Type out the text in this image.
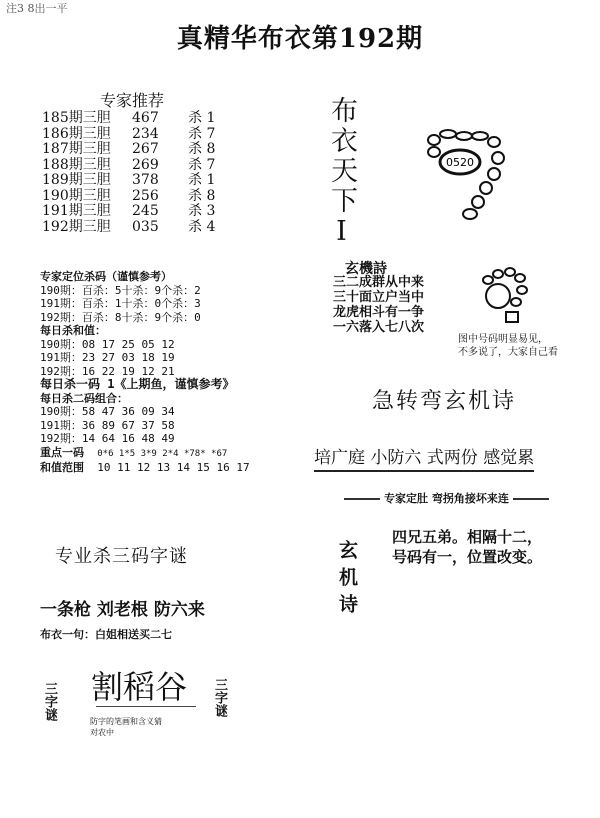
注3 8出一平
真精华布衣第192期
专家推荐
185期三胆 467 杀 1
186期三胆 234 杀 7
187期三胆 267 杀 8
188期三胆 269 杀 7
189期三胆 378 杀 1
190期三胆 256 杀 8
191期三胆 245 杀 3
192期三胆 035 杀 4
专家定位杀码（谨慎参考）
190期：百杀：5十杀：9个杀：2
191期：百杀：1十杀：0个杀：3
192期：百杀：8十杀：9个杀：0
每日杀和值：
190期：08 17 25 05 12
191期：23 27 03 18 19
192期：16 22 19 12 21
每日杀一码 1《上期鱼，谨慎参考》
每日杀二码组合：
190期：58 47 36 09 34
191期：36 89 67 37 58
192期：14 64 16 48 49
重点一码 0*6 1*5 3*9 2*4 *78* *67
和值范围 10 11 12 13 14 15 16 17
布衣天下Ⅰ	0520
玄機詩
三二成群从中来
三十面立户当中
龙虎相斗有一争
一六落入七八次
图中号码明显易见，
不多说了，大家自己看
急转弯玄机诗
培广庭 小防六 式两份 感觉累
专家定肚 弯拐角接坏来连
玄机诗
四兄五弟。相隔十二，
号码有一，位置改变。
专业杀三码字谜
一条枪 刘老根 防六来
布衣一句：白姐相送买二七
割稻谷
三字谜	三字谜
防字的笔画和含义猜
对农中
